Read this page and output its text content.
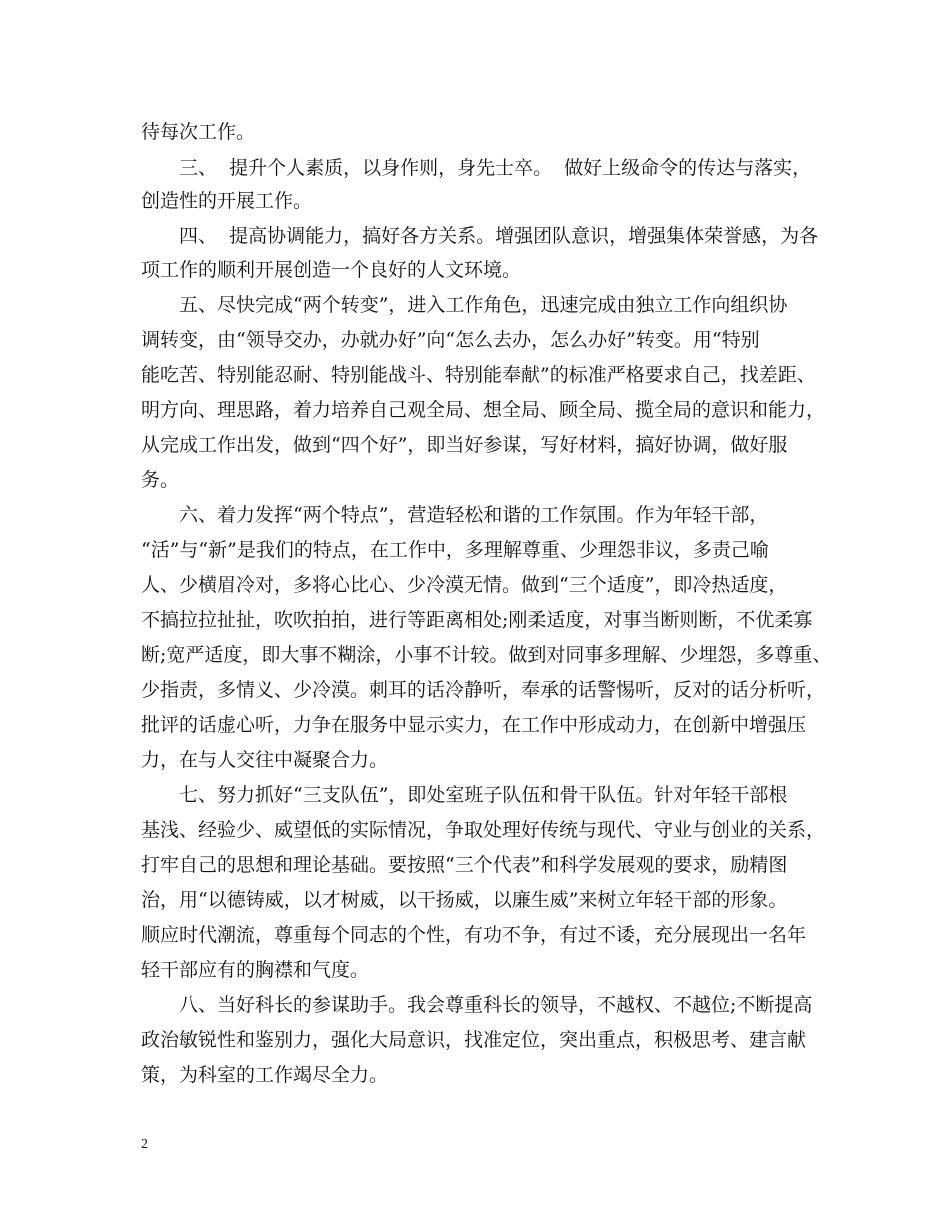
待每次工作。
三、  提升个人素质，以身作则，身先士卒。  做好上级命令的传达与落实，
创造性的开展工作。
四、  提高协调能力，搞好各方关系。增强团队意识，增强集体荣誉感，为各
项工作的顺利开展创造一个良好的人文环境。
五、尽快完成“两个转变”，进入工作角色，迅速完成由独立工作向组织协
调转变，由“领导交办，办就办好”向“怎么去办，怎么办好”转变。用“特别
能吃苦、特别能忍耐、特别能战斗、特别能奉献”的标准严格要求自己，找差距、
明方向、理思路，着力培养自己观全局、想全局、顾全局、揽全局的意识和能力，
从完成工作出发，做到“四个好”，即当好参谋，写好材料，搞好协调，做好服
务。
六、着力发挥“两个特点”，营造轻松和谐的工作氛围。作为年轻干部，
“活”与“新”是我们的特点，在工作中，多理解尊重、少理怨非议，多责己喻
人、少横眉冷对，多将心比心、少冷漠无情。做到“三个适度”，即冷热适度，
不搞拉拉扯扯，吹吹拍拍，进行等距离相处;刚柔适度，对事当断则断，不优柔寡
断;宽严适度，即大事不糊涂，小事不计较。做到对同事多理解、少埋怨，多尊重、
少指责，多情义、少冷漠。刺耳的话冷静听，奉承的话警惕听，反对的话分析听，
批评的话虚心听，力争在服务中显示实力，在工作中形成动力，在创新中增强压
力，在与人交往中凝聚合力。
七、努力抓好“三支队伍”，即处室班子队伍和骨干队伍。针对年轻干部根
基浅、经验少、威望低的实际情况，争取处理好传统与现代、守业与创业的关系，
打牢自己的思想和理论基础。要按照“三个代表”和科学发展观的要求，励精图
治，用“以德铸威，以才树威，以干扬威，以廉生威”来树立年轻干部的形象。
顺应时代潮流，尊重每个同志的个性，有功不争，有过不诿，充分展现出一名年
轻干部应有的胸襟和气度。
八、当好科长的参谋助手。我会尊重科长的领导，不越权、不越位;不断提高
政治敏锐性和鉴别力，强化大局意识，找准定位，突出重点，积极思考、建言献
策，为科室的工作竭尽全力。
2
